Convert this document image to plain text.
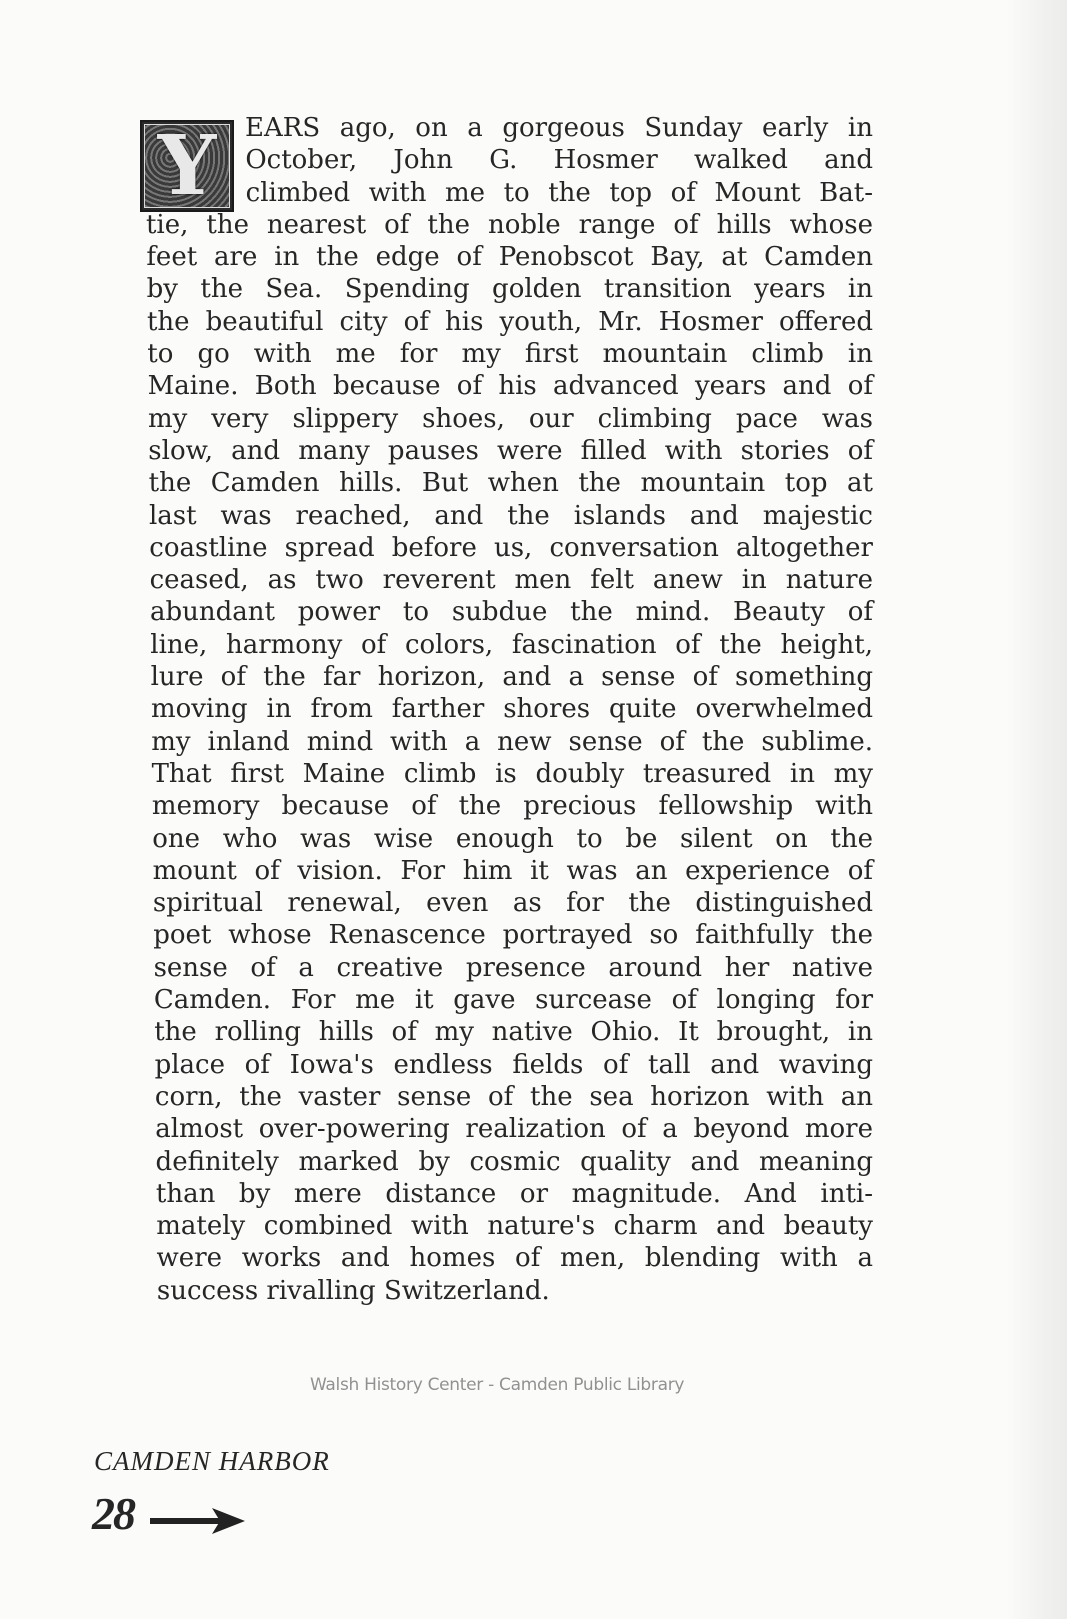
Y EARS ago, on a gorgeous Sunday early in
October, John G. Hosmer walked and
climbed with me to the top of Mount Bat-
tie, the nearest of the noble range of hills whose
feet are in the edge of Penobscot Bay, at Camden
by the Sea. Spending golden transition years in
the beautiful city of his youth, Mr. Hosmer offered
to go with me for my first mountain climb in
Maine. Both because of his advanced years and of
my very slippery shoes, our climbing pace was
slow, and many pauses were filled with stories of
the Camden hills. But when the mountain top at
last was reached, and the islands and majestic
coastline spread before us, conversation altogether
ceased, as two reverent men felt anew in nature
abundant power to subdue the mind. Beauty of
line, harmony of colors, fascination of the height,
lure of the far horizon, and a sense of something
moving in from farther shores quite overwhelmed
my inland mind with a new sense of the sublime.
That first Maine climb is doubly treasured in my
memory because of the precious fellowship with
one who was wise enough to be silent on the
mount of vision. For him it was an experience of
spiritual renewal, even as for the distinguished
poet whose Renascence portrayed so faithfully the
sense of a creative presence around her native
Camden. For me it gave surcease of longing for
the rolling hills of my native Ohio. It brought, in
place of Iowa's endless fields of tall and waving
corn, the vaster sense of the sea horizon with an
almost over-powering realization of a beyond more
definitely marked by cosmic quality and meaning
than by mere distance or magnitude. And inti-
mately combined with nature's charm and beauty
were works and homes of men, blending with a
success rivalling Switzerland.
Walsh History Center - Camden Public Library
CAMDEN HARBOR
28
